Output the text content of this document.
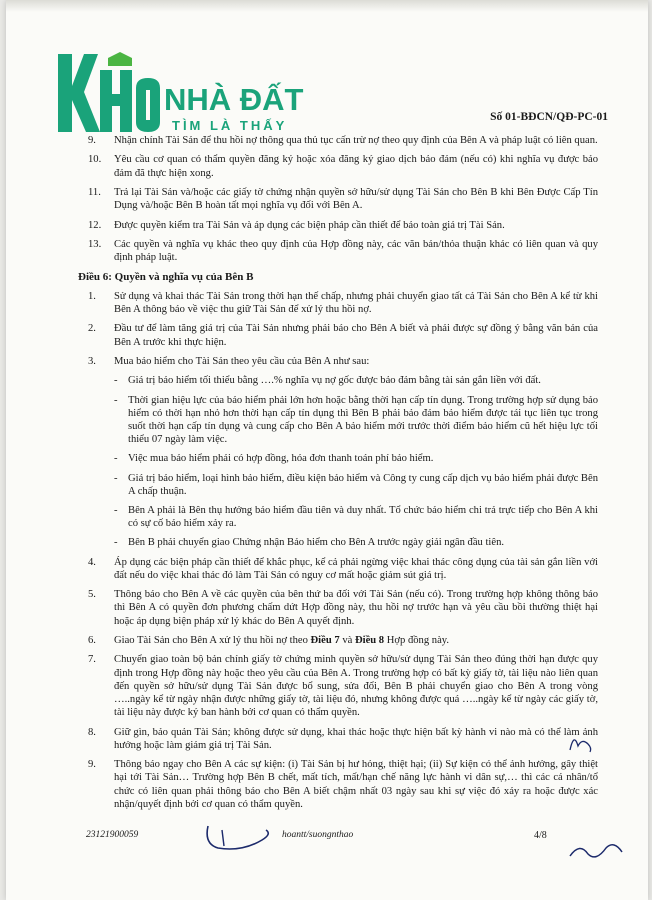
NHÀ ĐẤT
TÌM LÀ THẤY
Số 01-BĐCN/QĐ-PC-01
9.	Nhận chính Tài Sản để thu hồi nợ thông qua thủ tục cấn trừ nợ theo quy định của Bên A và pháp luật có liên quan.
10.	Yêu cầu cơ quan có thẩm quyền đăng ký hoặc xóa đăng ký giao dịch bảo đảm (nếu có) khi nghĩa vụ được bảo đảm đã thực hiện xong.
11.	Trả lại Tài Sản và/hoặc các giấy tờ chứng nhận quyền sở hữu/sử dụng Tài Sản cho Bên B khi Bên Được Cấp Tín Dụng và/hoặc Bên B hoàn tất mọi nghĩa vụ đối với Bên A.
12.	Được quyền kiểm tra Tài Sản và áp dụng các biện pháp cần thiết để bảo toàn giá trị Tài Sản.
13.	Các quyền và nghĩa vụ khác theo quy định của Hợp đồng này, các văn bản/thỏa thuận khác có liên quan và quy định pháp luật.
Điều 6: Quyền và nghĩa vụ của Bên B
1.	Sử dụng và khai thác Tài Sản trong thời hạn thế chấp, nhưng phải chuyển giao tất cả Tài Sản cho Bên A kể từ khi Bên A thông báo về việc thu giữ Tài Sản để xử lý thu hồi nợ.
2.	Đầu tư để làm tăng giá trị của Tài Sản nhưng phải báo cho Bên A biết và phải được sự đồng ý bằng văn bản của Bên A trước khi thực hiện.
3.	Mua bảo hiểm cho Tài Sản theo yêu cầu của Bên A như sau:
- Giá trị bảo hiểm tối thiểu bằng ….% nghĩa vụ nợ gốc được bảo đảm bằng tài sản gắn liền với đất.
- Thời gian hiệu lực của bảo hiểm phải lớn hơn hoặc bằng thời hạn cấp tín dụng. Trong trường hợp sử dụng bảo hiểm có thời hạn nhỏ hơn thời hạn cấp tín dụng thì Bên B phải bảo đảm bảo hiểm được tái tục liên tục trong suốt thời hạn cấp tín dụng và cung cấp cho Bên A bảo hiểm mới trước thời điểm bảo hiểm cũ hết hiệu lực tối thiểu 07 ngày làm việc.
- Việc mua bảo hiểm phải có hợp đồng, hóa đơn thanh toán phí bảo hiểm.
- Giá trị bảo hiểm, loại hình bảo hiểm, điều kiện bảo hiểm và Công ty cung cấp dịch vụ bảo hiểm phải được Bên A chấp thuận.
- Bên A phải là Bên thụ hưởng bảo hiểm đầu tiên và duy nhất. Tổ chức bảo hiểm chi trả trực tiếp cho Bên A khi có sự cố bảo hiểm xảy ra.
- Bên B phải chuyển giao Chứng nhận Bảo hiểm cho Bên A trước ngày giải ngân đầu tiên.
4.	Áp dụng các biện pháp cần thiết để khắc phục, kể cả phải ngừng việc khai thác công dụng của tài sản gắn liền với đất nếu do việc khai thác đó làm Tài Sản có nguy cơ mất hoặc giảm sút giá trị.
5.	Thông báo cho Bên A về các quyền của bên thứ ba đối với Tài Sản (nếu có). Trong trường hợp không thông báo thì Bên A có quyền đơn phương chấm dứt Hợp đồng này, thu hồi nợ trước hạn và yêu cầu bồi thường thiệt hại hoặc áp dụng biện pháp xử lý khác do Bên A quyết định.
6.	Giao Tài Sản cho Bên A xử lý thu hồi nợ theo Điều 7 và Điều 8 Hợp đồng này.
7.	Chuyển giao toàn bộ bản chính giấy tờ chứng minh quyền sở hữu/sử dụng Tài Sản theo đúng thời hạn được quy định trong Hợp đồng này hoặc theo yêu cầu của Bên A. Trong trường hợp có bất kỳ giấy tờ, tài liệu nào liên quan đến quyền sở hữu/sử dụng Tài Sản được bổ sung, sửa đổi, Bên B phải chuyển giao cho Bên A trong vòng …..ngày kể từ ngày nhận được những giấy tờ, tài liệu đó, nhưng không được quá …..ngày kể từ ngày các giấy tờ, tài liệu này được ký ban hành bởi cơ quan có thẩm quyền.
8.	Giữ gìn, bảo quản Tài Sản; không được sử dụng, khai thác hoặc thực hiện bất kỳ hành vi nào mà có thể làm ảnh hưởng hoặc làm giảm giá trị Tài Sản.
9.	Thông báo ngay cho Bên A các sự kiện: (i) Tài Sản bị hư hỏng, thiệt hại; (ii) Sự kiện có thể ảnh hưởng, gây thiệt hại tới Tài Sản… Trường hợp Bên B chết, mất tích, mất/hạn chế năng lực hành vi dân sự,… thì các cá nhân/tổ chức có liên quan phải thông báo cho Bên A biết chậm nhất 03 ngày sau khi sự việc đó xảy ra hoặc được xác nhận/quyết định bởi cơ quan có thẩm quyền.
23121900059	hoantt/suongnthao	4/8
